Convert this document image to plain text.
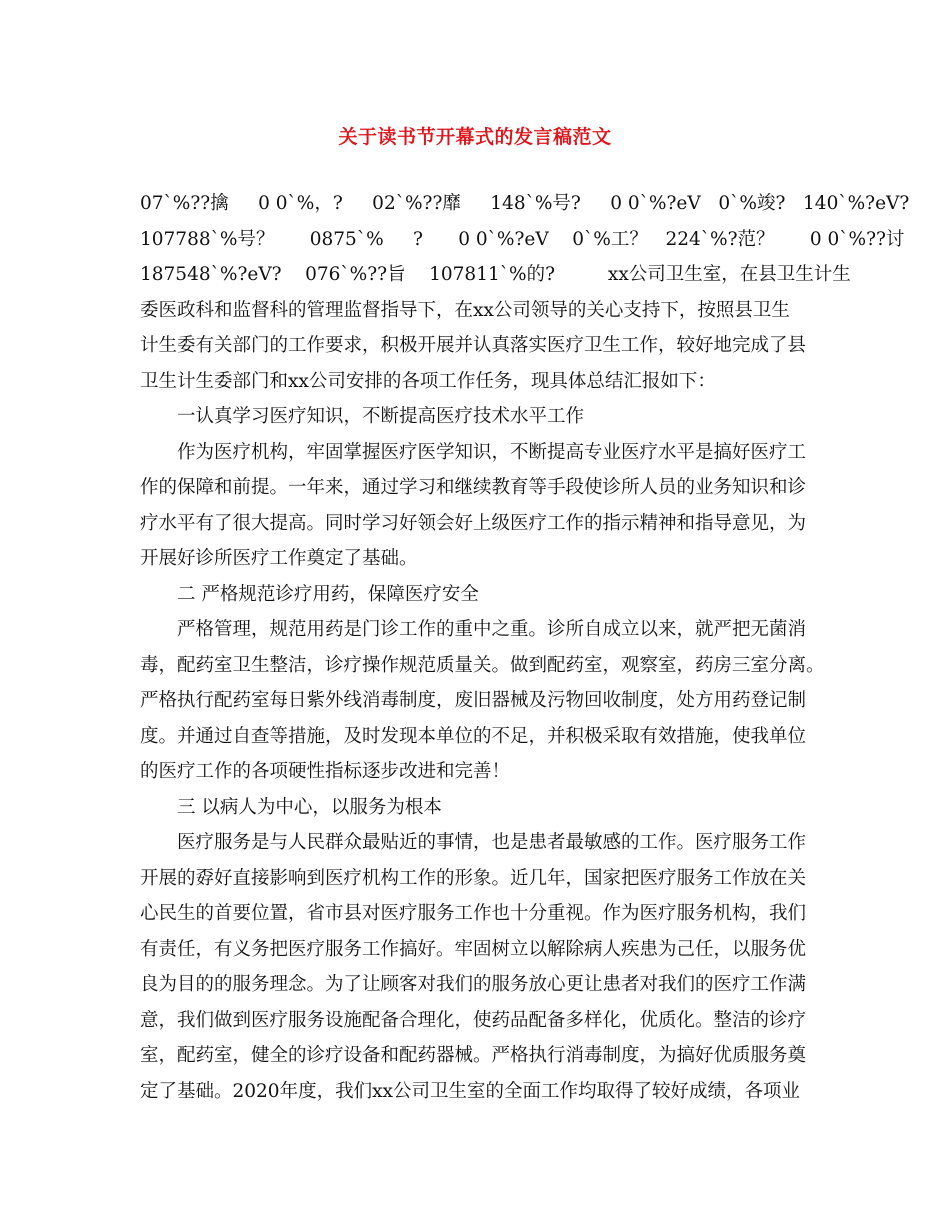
关于读书节开幕式的发言稿范文
07`%??擒     0 0`%，?     02`%??靡     148`%号?     0 0`%?eV   0`%竣?   140`%?eV?
107788`%号？      0875`%     ?      0 0`%?eV    0`%工？   224`%?范？      0 0`%??讨
187548`%?eV?    076`%??旨    107811`%的?         xx公司卫生室，在县卫生计生
委医政科和监督科的管理监督指导下，在xx公司领导的关心支持下，按照县卫生
计生委有关部门的工作要求，积极开展并认真落实医疗卫生工作，较好地完成了县
卫生计生委部门和xx公司安排的各项工作任务，现具体总结汇报如下：
一认真学习医疗知识，不断提高医疗技术水平工作
作为医疗机构，牢固掌握医疗医学知识，不断提高专业医疗水平是搞好医疗工
作的保障和前提。一年来，通过学习和继续教育等手段使诊所人员的业务知识和诊
疗水平有了很大提高。同时学习好领会好上级医疗工作的指示精神和指导意见，为
开展好诊所医疗工作奠定了基础。
二 严格规范诊疗用药，保障医疗安全
严格管理，规范用药是门诊工作的重中之重。诊所自成立以来，就严把无菌消
毒，配药室卫生整洁，诊疗操作规范质量关。做到配药室，观察室，药房三室分离。
严格执行配药室每日紫外线消毒制度，废旧器械及污物回收制度，处方用药登记制
度。并通过自查等措施，及时发现本单位的不足，并积极采取有效措施，使我单位
的医疗工作的各项硬性指标逐步改进和完善！
三 以病人为中心，以服务为根本
医疗服务是与人民群众最贴近的事情，也是患者最敏感的工作。医疗服务工作
开展的孬好直接影响到医疗机构工作的形象。近几年，国家把医疗服务工作放在关
心民生的首要位置，省市县对医疗服务工作也十分重视。作为医疗服务机构，我们
有责任，有义务把医疗服务工作搞好。牢固树立以解除病人疾患为己任，以服务优
良为目的的服务理念。为了让顾客对我们的服务放心更让患者对我们的医疗工作满
意，我们做到医疗服务设施配备合理化，使药品配备多样化，优质化。整洁的诊疗
室，配药室，健全的诊疗设备和配药器械。严格执行消毒制度，为搞好优质服务奠
定了基础。2020年度，我们xx公司卫生室的全面工作均取得了较好成绩，各项业
